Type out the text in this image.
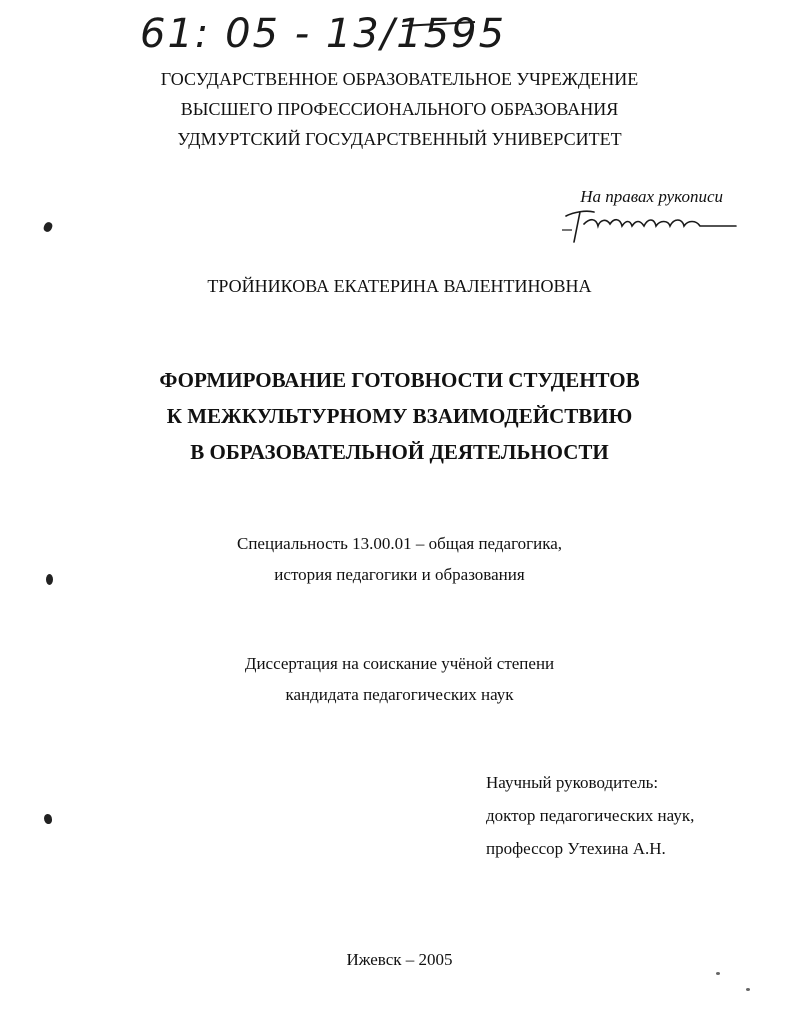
61: 05 - 13/1595
ГОСУДАРСТВЕННОЕ ОБРАЗОВАТЕЛЬНОЕ УЧРЕЖДЕНИЕ
ВЫСШЕГО ПРОФЕССИОНАЛЬНОГО ОБРАЗОВАНИЯ
УДМУРТСКИЙ ГОСУДАРСТВЕННЫЙ УНИВЕРСИТЕТ
На правах рукописи
ТРОЙНИКОВА ЕКАТЕРИНА ВАЛЕНТИНОВНА
ФОРМИРОВАНИЕ ГОТОВНОСТИ СТУДЕНТОВ
К МЕЖКУЛЬТУРНОМУ ВЗАИМОДЕЙСТВИЮ
В ОБРАЗОВАТЕЛЬНОЙ ДЕЯТЕЛЬНОСТИ
Специальность 13.00.01 – общая педагогика,
история педагогики и образования
Диссертация на соискание учёной степени
кандидата педагогических наук
Научный руководитель:
доктор педагогических наук,
профессор Утехина А.Н.
Ижевск – 2005
